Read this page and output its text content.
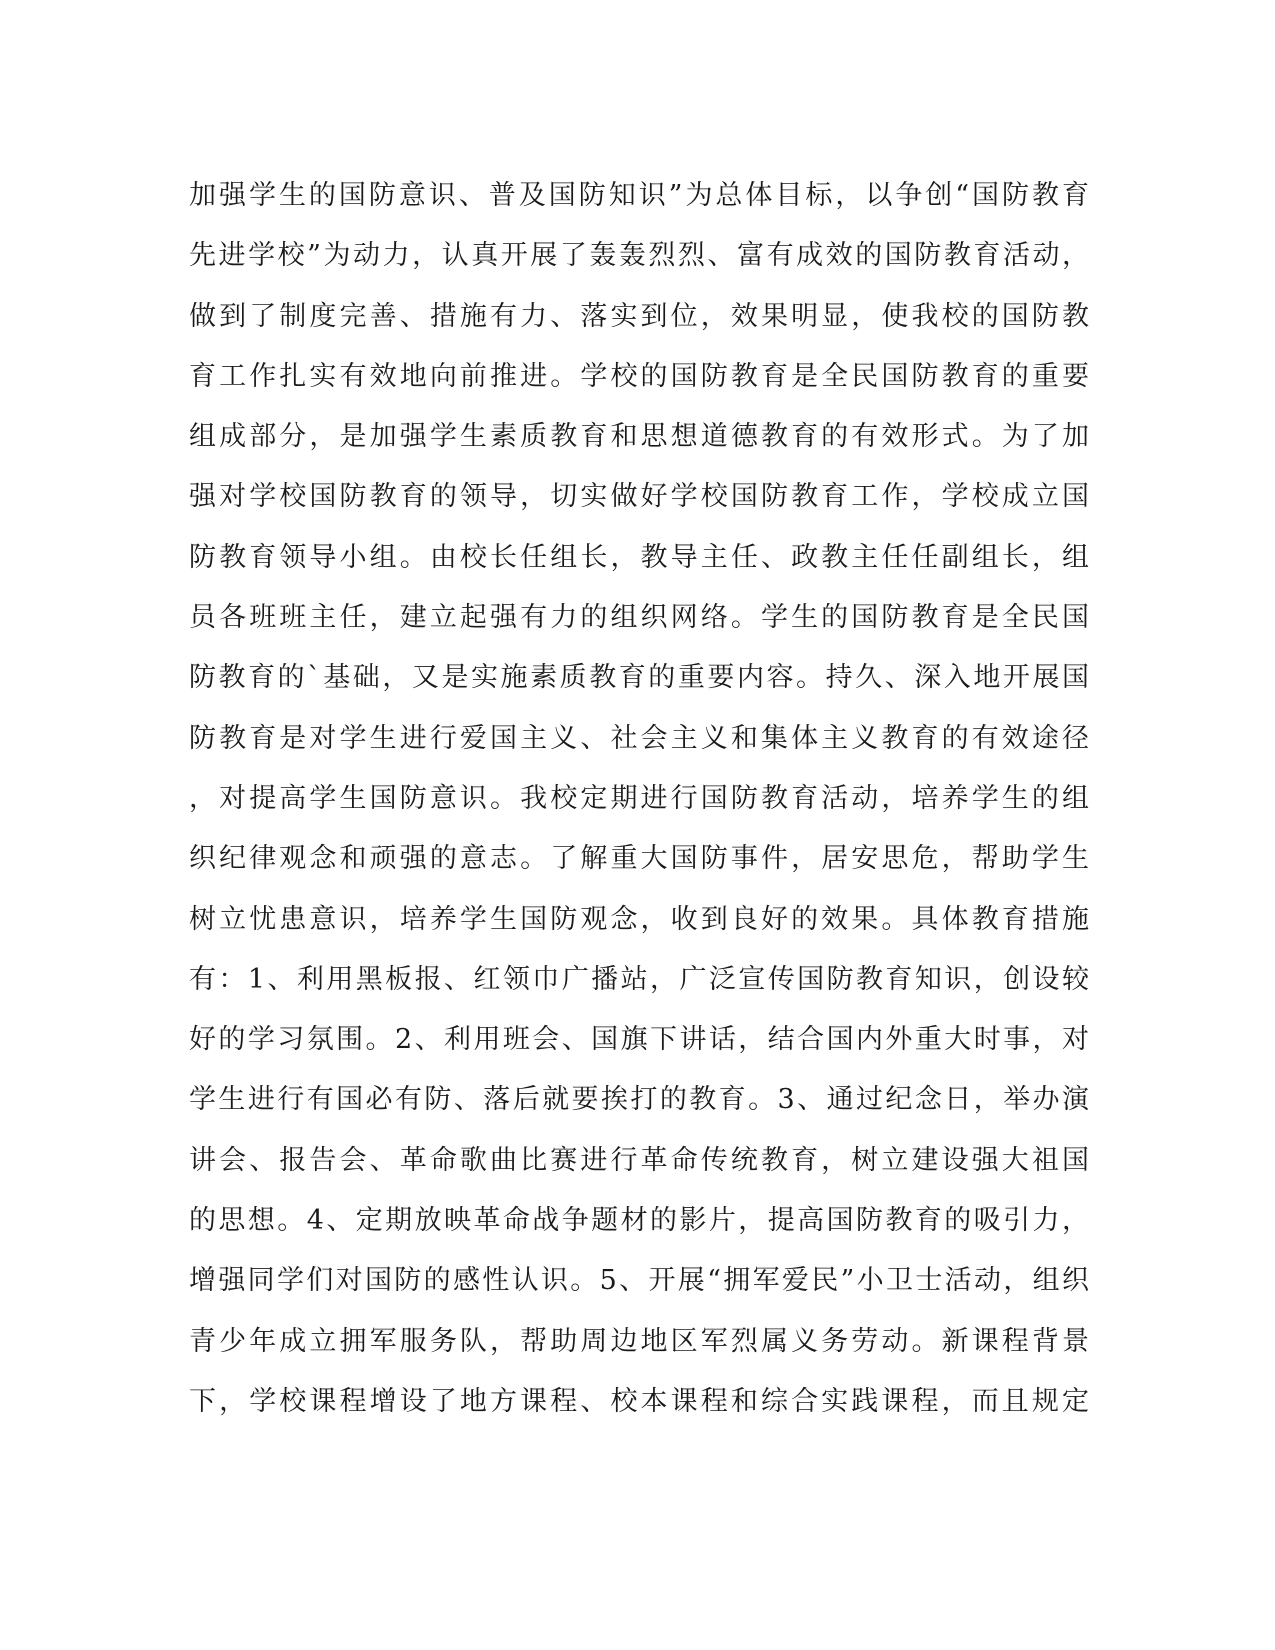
加强学生的国防意识、普及国防知识”为总体目标，以争创“国防教育
先进学校”为动力，认真开展了轰轰烈烈、富有成效的国防教育活动，
做到了制度完善、措施有力、落实到位，效果明显，使我校的国防教
育工作扎实有效地向前推进。学校的国防教育是全民国防教育的重要
组成部分，是加强学生素质教育和思想道德教育的有效形式。为了加
强对学校国防教育的领导，切实做好学校国防教育工作，学校成立国
防教育领导小组。由校长任组长，教导主任、政教主任任副组长，组
员各班班主任，建立起强有力的组织网络。学生的国防教育是全民国
防教育的`基础，又是实施素质教育的重要内容。持久、深入地开展国
防教育是对学生进行爱国主义、社会主义和集体主义教育的有效途径
，对提高学生国防意识。我校定期进行国防教育活动，培养学生的组
织纪律观念和顽强的意志。了解重大国防事件，居安思危，帮助学生
树立忧患意识，培养学生国防观念，收到良好的效果。具体教育措施
有：1、利用黑板报、红领巾广播站，广泛宣传国防教育知识，创设较
好的学习氛围。2、利用班会、国旗下讲话，结合国内外重大时事，对
学生进行有国必有防、落后就要挨打的教育。3、通过纪念日，举办演
讲会、报告会、革命歌曲比赛进行革命传统教育，树立建设强大祖国
的思想。4、定期放映革命战争题材的影片，提高国防教育的吸引力，
增强同学们对国防的感性认识。5、开展“拥军爱民”小卫士活动，组织
青少年成立拥军服务队，帮助周边地区军烈属义务劳动。新课程背景
下，学校课程增设了地方课程、校本课程和综合实践课程，而且规定
